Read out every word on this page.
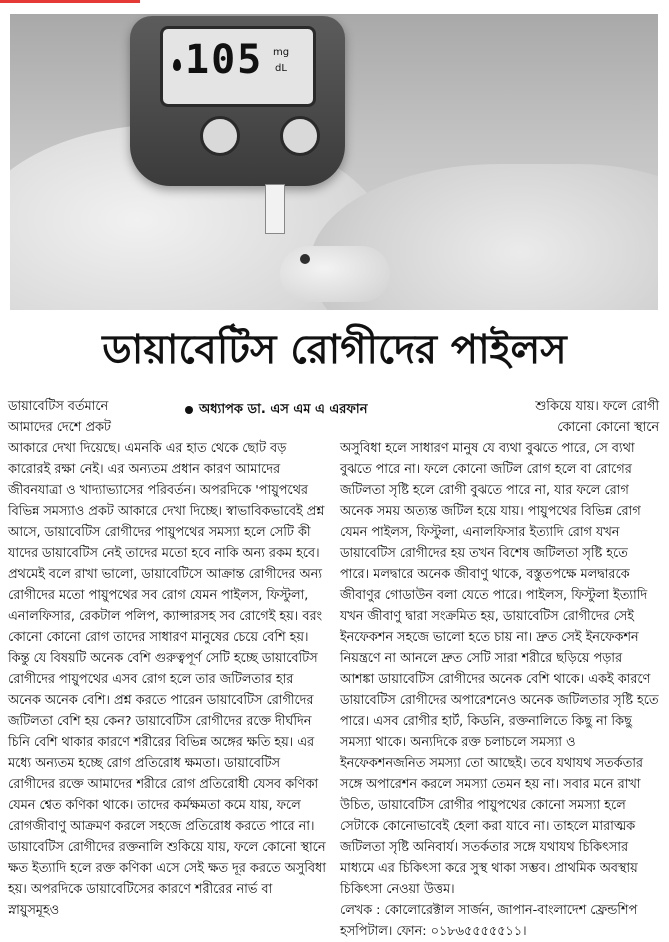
105 mg
dL
ডায়াবেটিস রোগীদের পাইলস

ডায়াবেটিস বর্তমানে

আমাদের দেশে প্রকট

আকারে দেখা দিয়েছে। এমনকি এর হাত থেকে ছোট বড় কারোরই রক্ষা নেই। এর অন্যতম প্রধান কারণ আমাদের জীবনযাত্রা ও খাদ্যাভ্যাসের পরিবর্তন। অপরদিকে 'পায়ুপথের বিভিন্ন সমস্যাও প্রকট আকারে দেখা দিচ্ছে। স্বাভাবিকভাবেই প্রশ্ন আসে, ডায়াবেটিস রোগীদের পায়ুপথের সমস্যা হলে সেটি কী যাদের ডায়াবেটিস নেই তাদের মতো হবে নাকি অন্য রকম হবে। প্রথমেই বলে রাখা ভালো, ডায়াবেটিসে আক্রান্ত রোগীদের অন্য রোগীদের মতো পায়ুপথের সব রোগ যেমন পাইলস, ফিস্টুলা, এনালফিসার, রেকটাল পলিপ, ক্যান্সারসহ সব রোগেই হয়। বরং কোনো কোনো রোগ তাদের সাধারণ মানুষের চেয়ে বেশি হয়। কিন্তু যে বিষয়টি অনেক বেশি গুরুত্বপূর্ণ সেটি হচ্ছে ডায়াবেটিস রোগীদের পায়ুপথের এসব রোগ হলে তার জটিলতার হার অনেক অনেক বেশি। প্রশ্ন করতে পারেন ডায়াবেটিস রোগীদের জটিলতা বেশি হয় কেন? ডায়াবেটিস রোগীদের রক্তে দীর্ঘদিন চিনি বেশি থাকার কারণে শরীরের বিভিন্ন অঙ্গের ক্ষতি হয়। এর মধ্যে অন্যতম হচ্ছে রোগ প্রতিরোধ ক্ষমতা। ডায়াবেটিস রোগীদের রক্তে আমাদের শরীরে রোগ প্রতিরোধী যেসব কণিকা যেমন শ্বেত কণিকা থাকে। তাদের কর্মক্ষমতা কমে যায়, ফলে রোগজীবাণু আক্রমণ করলে সহজে প্রতিরোধ করতে পারে না। ডায়াবেটিস রোগীদের রক্তনালি শুকিয়ে যায়, ফলে কোনো স্থানে ক্ষত ইত্যাদি হলে রক্ত কণিকা এসে সেই ক্ষত দূর করতে অসুবিধা হয়। অপরদিকে ডায়াবেটিসের কারণে শরীরের নার্ভ বা স্নায়ুসমূহও

অধ্যাপক ডা. এস এম এ এরফান	শুকিয়ে যায়। ফলে রোগী কোনো কোনো স্থানে

অসুবিধা হলে সাধারণ মানুষ যে ব্যথা বুঝতে পারে, সে ব্যথা বুঝতে পারে না। ফলে কোনো জটিল রোগ হলে বা রোগের জটিলতা সৃষ্টি হলে রোগী বুঝতে পারে না, যার ফলে রোগ অনেক সময় অত্যন্ত জটিল হয়ে যায়। পায়ুপথের বিভিন্ন রোগ যেমন পাইলস, ফিস্টুলা, এনালফিসার ইত্যাদি রোগ যখন ডায়াবেটিস রোগীদের হয় তখন বিশেষ জটিলতা সৃষ্টি হতে পারে। মলদ্বারে অনেক জীবাণু থাকে, বস্তুতপক্ষে মলদ্বারকে জীবাণুর গোডাউন বলা যেতে পারে। পাইলস, ফিস্টুলা ইত্যাদি যখন জীবাণু দ্বারা সংক্রমিত হয়, ডায়াবেটিস রোগীদের সেই ইনফেকশন সহজে ভালো হতে চায় না। দ্রুত সেই ইনফেকশন নিয়ন্ত্রণে না আনলে দ্রুত সেটি সারা শরীরে ছড়িয়ে পড়ার আশঙ্কা ডায়াবেটিস রোগীদের অনেক বেশি থাকে। একই কারণে ডায়াবেটিস রোগীদের অপারেশনেও অনেক জটিলতার সৃষ্টি হতে পারে। এসব রোগীর হার্ট, কিডনি, রক্তনালিতে কিছু না কিছু সমস্যা থাকে। অন্যদিকে রক্ত চলাচলে সমস্যা ও ইনফেকশনজনিত সমস্যা তো আছেই। তবে যথাযথ সতর্কতার সঙ্গে অপারেশন করলে সমস্যা তেমন হয় না। সবার মনে রাখা উচিত, ডায়াবেটিস রোগীর পায়ুপথের কোনো সমস্যা হলে সেটাকে কোনোভাবেই হেলা করা যাবে না। তাহলে মারাত্মক জটিলতা সৃষ্টি অনিবার্য। সতর্কতার সঙ্গে যথাযথ চিকিৎসার মাধ্যমে এর চিকিৎসা করে সুস্থ থাকা সম্ভব। প্রাথমিক অবস্থায় চিকিৎসা নেওয়া উত্তম।

লেখক : কোলোরেক্টাল সার্জন, জাপান-বাংলাদেশ ফ্রেন্ডশিপ হসপিটাল। ফোন: ০১৮৬৫৫৫৫৫১১।
